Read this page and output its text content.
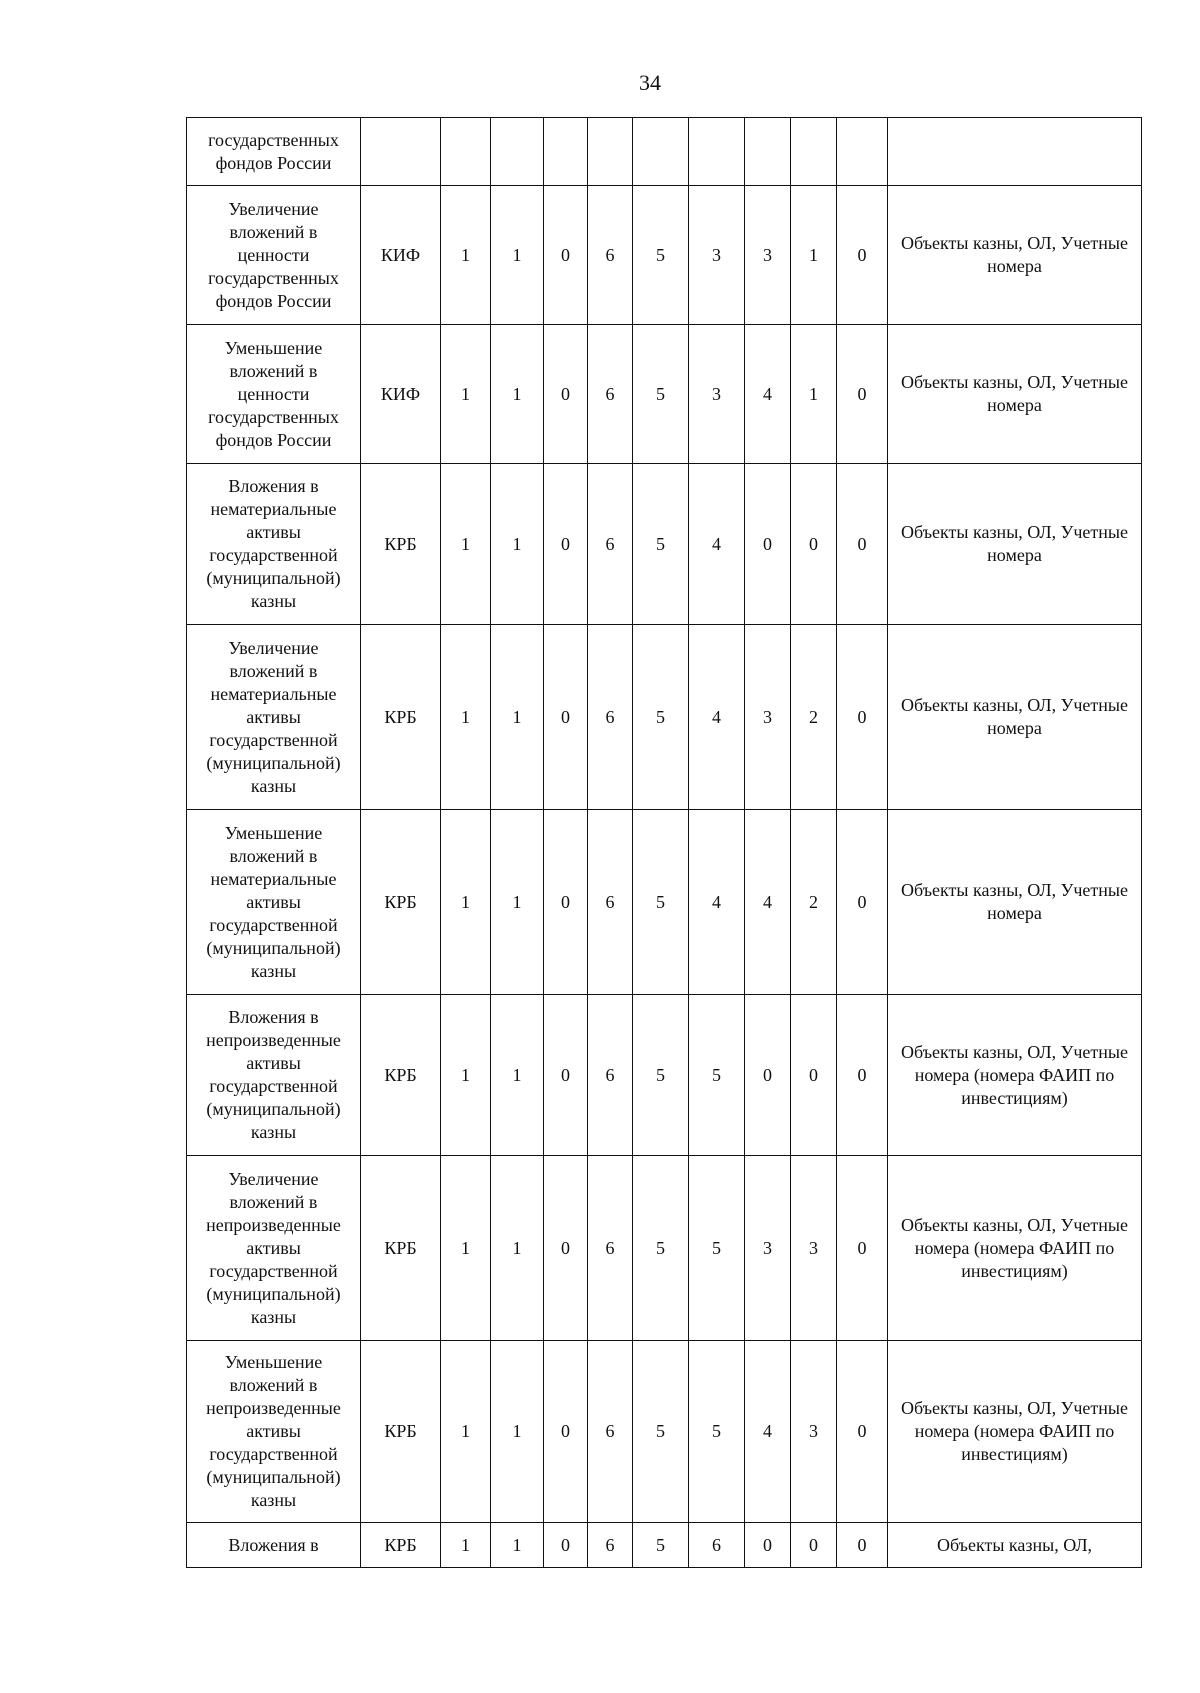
34
государственных фондов России											
Увеличение вложений в ценности государственных фондов России	КИФ	1	1	0	6	5	3	3	1	0	Объекты казны, ОЛ, Учетные номера
Уменьшение вложений в ценности государственных фондов России	КИФ	1	1	0	6	5	3	4	1	0	Объекты казны, ОЛ, Учетные номера
Вложения в нематериальные активы государственной (муниципальной) казны	КРБ	1	1	0	6	5	4	0	0	0	Объекты казны, ОЛ, Учетные номера
Увеличение вложений в нематериальные активы государственной (муниципальной) казны	КРБ	1	1	0	6	5	4	3	2	0	Объекты казны, ОЛ, Учетные номера
Уменьшение вложений в нематериальные активы государственной (муниципальной) казны	КРБ	1	1	0	6	5	4	4	2	0	Объекты казны, ОЛ, Учетные номера
Вложения в непроизведенные активы государственной (муниципальной) казны	КРБ	1	1	0	6	5	5	0	0	0	Объекты казны, ОЛ, Учетные номера (номера ФАИП по инвестициям)
Увеличение вложений в непроизведенные активы государственной (муниципальной) казны	КРБ	1	1	0	6	5	5	3	3	0	Объекты казны, ОЛ, Учетные номера (номера ФАИП по инвестициям)
Уменьшение вложений в непроизведенные активы государственной (муниципальной) казны	КРБ	1	1	0	6	5	5	4	3	0	Объекты казны, ОЛ, Учетные номера (номера ФАИП по инвестициям)
Вложения в	КРБ	1	1	0	6	5	6	0	0	0	Объекты казны, ОЛ,
